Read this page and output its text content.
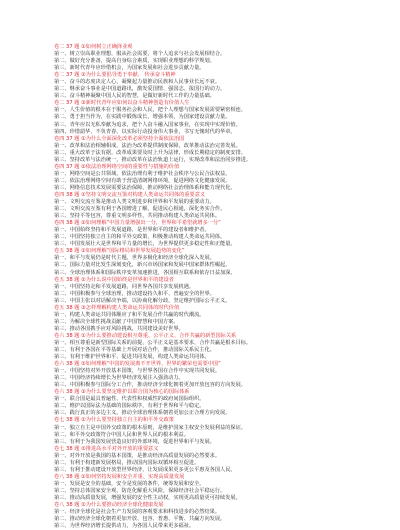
卷二 37 题 ①如何树立正确择业观
第一、树立崇高职业理想，服从社会需要，将个人追求与社会发展相结合。
第二、做好充分准备，提高自身综合素质，实现职业理想的科学规划。
第三、新时代青年应珍惜机会，为国家发展和社会进步贡献力量。
卷二 37 题 ②为什么要倡导勇于奉献、 传承奋斗精神
第一、奋斗的态度决定人心，凝聚起力量推动民族和人民事业长远不衰。
第二、继承奋斗事业是中国道路讯，激发爱国情、强国志、报国行的动力。
第三、奋斗精神凝聚中国人民的智慧，是做好新时代工作的力量基础。
卷二 37 题 ③新时代青年应如何以奋斗精神创造有价值人生
第一、人生价值的根本在于服务社会和人民，把个人理想与国家发展需要紧密相连。
第二、勇于担当作为，在实践中锻炼成长，增强本领，为国家建设贡献力量。
第三、青年应以无私奉献为追求，把个人奋斗融入国家事业，在实现中实现价值。
第四、珍惜韶华，不负青春，以实际行动投身伟大事业，书写无愧时代的华章。
卷四 37 题 ①为什么全面深化改革必须坚持全面依法治国
第一、改革和法治相辅相成，法治为改革提供制度保障，改革推动法治完善发展。
第二、重大改革于法有据，改革成果要及时上升为法律，形成长期稳定的制度安排。
第三、坚持改革与法治统一，推动改革在法治轨道上运行，实现改革和法治同步推进。
卷四 37 题 ②依法治理网络空间的重要性与措施的价值
第一、网络空间是公共领域，依法治理有利于维护社会秩序与公民合法权益。
第二、依法治理网络空间有助于营造清朗网络环境，促进网络文化健康发展。
第三、网络信息技术发展需要法治保障，推动网络社会治理体系和能力现代化。
卷四 38 题 ①坚持文明交流互鉴对构建人类命运共同体的重要意义
第一、文明交流互鉴是推动人类文明进步和世界和平发展的重要动力。
第二、文明交流互鉴有利于各国增进了解，促进民心相通，深化务实合作。
第三、坚持平等包容，尊重文明多样性，共同推动构建人类命运共同体。
卷四 38 题 ②如何理解“中国力量增强出一分，世界和平希望就增多一分”
第一、中国始终坚持和平发展道路，是世界和平的建设者和维护者。
第二、中国坚持独立自主的和平外交政策，积极推动构建人类命运共同体。
第三、中国发展壮大是世界和平力量的增长，为世界提供更多稳定性和正能量。
卷五 38 题 ①如何理解“国际格局和世界发展趋势的变化”
第一、和平与发展仍是时代主题，世界多极化和经济全球化深入发展。
第二、国际力量对比发生深刻变化，新兴市场国家和发展中国家群体性崛起。
第三、全球治理体系和国际秩序变革加速推进，各国相互联系和依存日益加深。
卷五 38 题 ②为什么说中国始终是世界和平的建设者
第一、中国坚持走和平发展道路，同世界各国共享发展机遇。
第二、中国积极参与全球治理，推动建设持久和平、普遍安全的世界。
第三、中国主张以对话解决争端，以协商化解分歧，坚定维护国际公平正义。
卷五 38 题 ③怎样理解构建人类命运共同体的时代价值
第一、构建人类命运共同体顺应了和平发展合作共赢的时代潮流。
第二、为解决全球性挑战贡献了中国智慧和中国方案。
第三、推动各国携手应对风险挑战，共同建设美好世界。
卷六 38 题 ①为什么要推动建设相互尊重、公平正义、合作共赢的新型国际关系
第一、相互尊重是新型国际关系的前提，公平正义是基本要求，合作共赢是根本目标。
第二、有利于各国在平等基础上开展对话合作，推动国际关系民主化。
第三、有利于维护世界和平、促进共同发展，构建人类命运共同体。
卷六 38 题 ②如何理解“中国的发展离不开世界，世界的繁荣也需要中国”
第一、中国坚持对外开放基本国策，与世界各国在合作中实现共同发展。
第二、中国经济持续增长为世界经济发展注入强劲动力。
第三、中国积极参与国际分工合作，推动经济全球化朝着更加开放包容的方向发展。
卷六 38 题 ③为什么要坚定维护以联合国为核心的国际体系
第一、联合国是最具普遍性、代表性和权威性的政府间国际组织。
第二、维护以国际法为基础的国际秩序，有利于世界和平与稳定。
第三、践行真正的多边主义，推动全球治理体系朝着更加公正合理方向发展。
卷七 38 题 ①为什么要坚持独立自主的和平外交政策
第一、独立自主是中国外交政策的根本原则，是维护国家主权安全发展利益的保证。
第二、和平外交政策符合中国人民和世界人民的根本利益。
第三、有利于为我国发展营造良好的外部环境，促进世界和平与发展。
卷七 38 题 ②推进高水平对外开放的重要意义
第一、对外开放是我国的基本国策，是推动经济高质量发展的必然要求。
第二、有利于构建新发展格局，推动国内国际双循环相互促进。
第三、有利于推动建设开放型世界经济，让发展成果更多更公平惠及各国人民。
卷八 38 题 ①如何坚持发展和安全并重、实现高质量发展
第一、发展是安全的基础，安全是发展的条件，统筹发展和安全。
第二、坚持总体国家安全观，防范化解重大风险，保障经济社会平稳运行。
第三、推动高质量发展，增强发展的安全性主动权，实现更高质量更可持续发展。
卷八 38 题 ②为什么要推动经济全球化健康发展
第一、经济全球化是社会生产力发展的客观要求和科技进步的必然结果。
第二、推动经济全球化朝着更加开放、包容、普惠、平衡、共赢方向发展。
第三、为世界经济增长提供动力，为各国人民带来更多福祉。
